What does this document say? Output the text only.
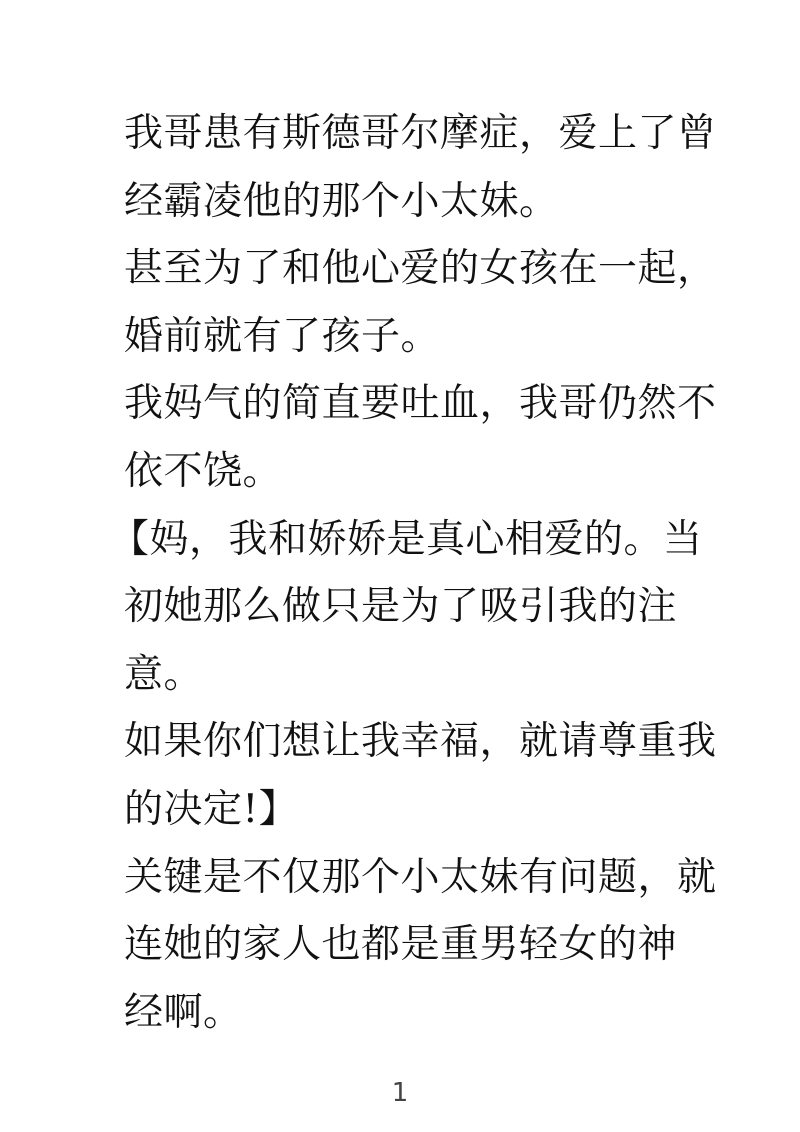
我哥患有斯德哥尔摩症，爱上了曾
经霸凌他的那个小太妹。
甚至为了和他心爱的女孩在一起，
婚前就有了孩子。
我妈气的简直要吐血，我哥仍然不
依不饶。
【妈，我和娇娇是真心相爱的。当
初她那么做只是为了吸引我的注
意。
如果你们想让我幸福，就请尊重我
的决定!】
关键是不仅那个小太妹有问题，就
连她的家人也都是重男轻女的神
经啊。
1
